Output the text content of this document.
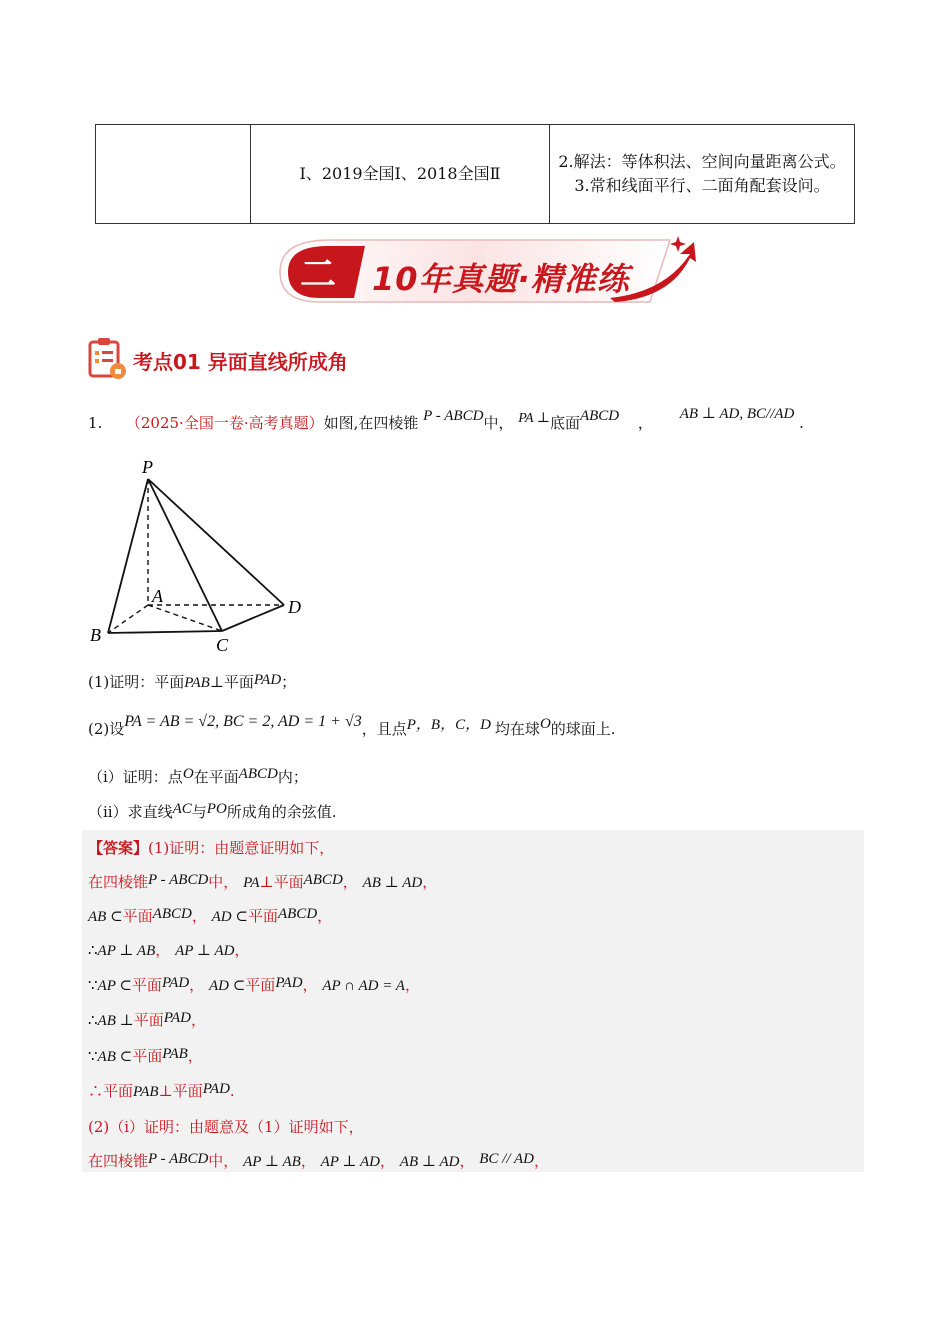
	Ⅰ、2019全国Ⅰ、2018全国Ⅱ	
2.解法：等体积法、空间向量距离公式。
3.常和线面平行、二面角配套设问。
二 10年真题·精准练
考点01 异面直线所成角
1. （2025·全国一卷·高考真题）如图,在四棱锥 P - ABCD中， PA ⊥底面ABCD ， AB ⊥ AD, BC//AD .
P
A
B	C
D
(1)证明：平面PAB⊥平面PAD；
(2)设PA = AB = √2, BC = 2, AD = 1 + √3，且点P，B，C，D 均在球O的球面上.
（i）证明：点O在平面ABCD内；
（ii）求直线AC与PO所成角的余弦值.
【答案】(1)证明：由题意证明如下，
在四棱锥P - ABCD中， PA⊥平面ABCD， AB ⊥ AD，
AB ⊂平面ABCD， AD ⊂平面ABCD，
∴AP ⊥ AB， AP ⊥ AD，
∵AP ⊂平面PAD， AD ⊂平面PAD， AP ∩ AD = A，
∴AB ⊥平面PAD，
∵AB ⊂平面PAB，
∴平面PAB⊥平面PAD.
(2)（i）证明：由题意及（1）证明如下，
在四棱锥P - ABCD中， AP ⊥ AB， AP ⊥ AD， AB ⊥ AD， BC // AD，
